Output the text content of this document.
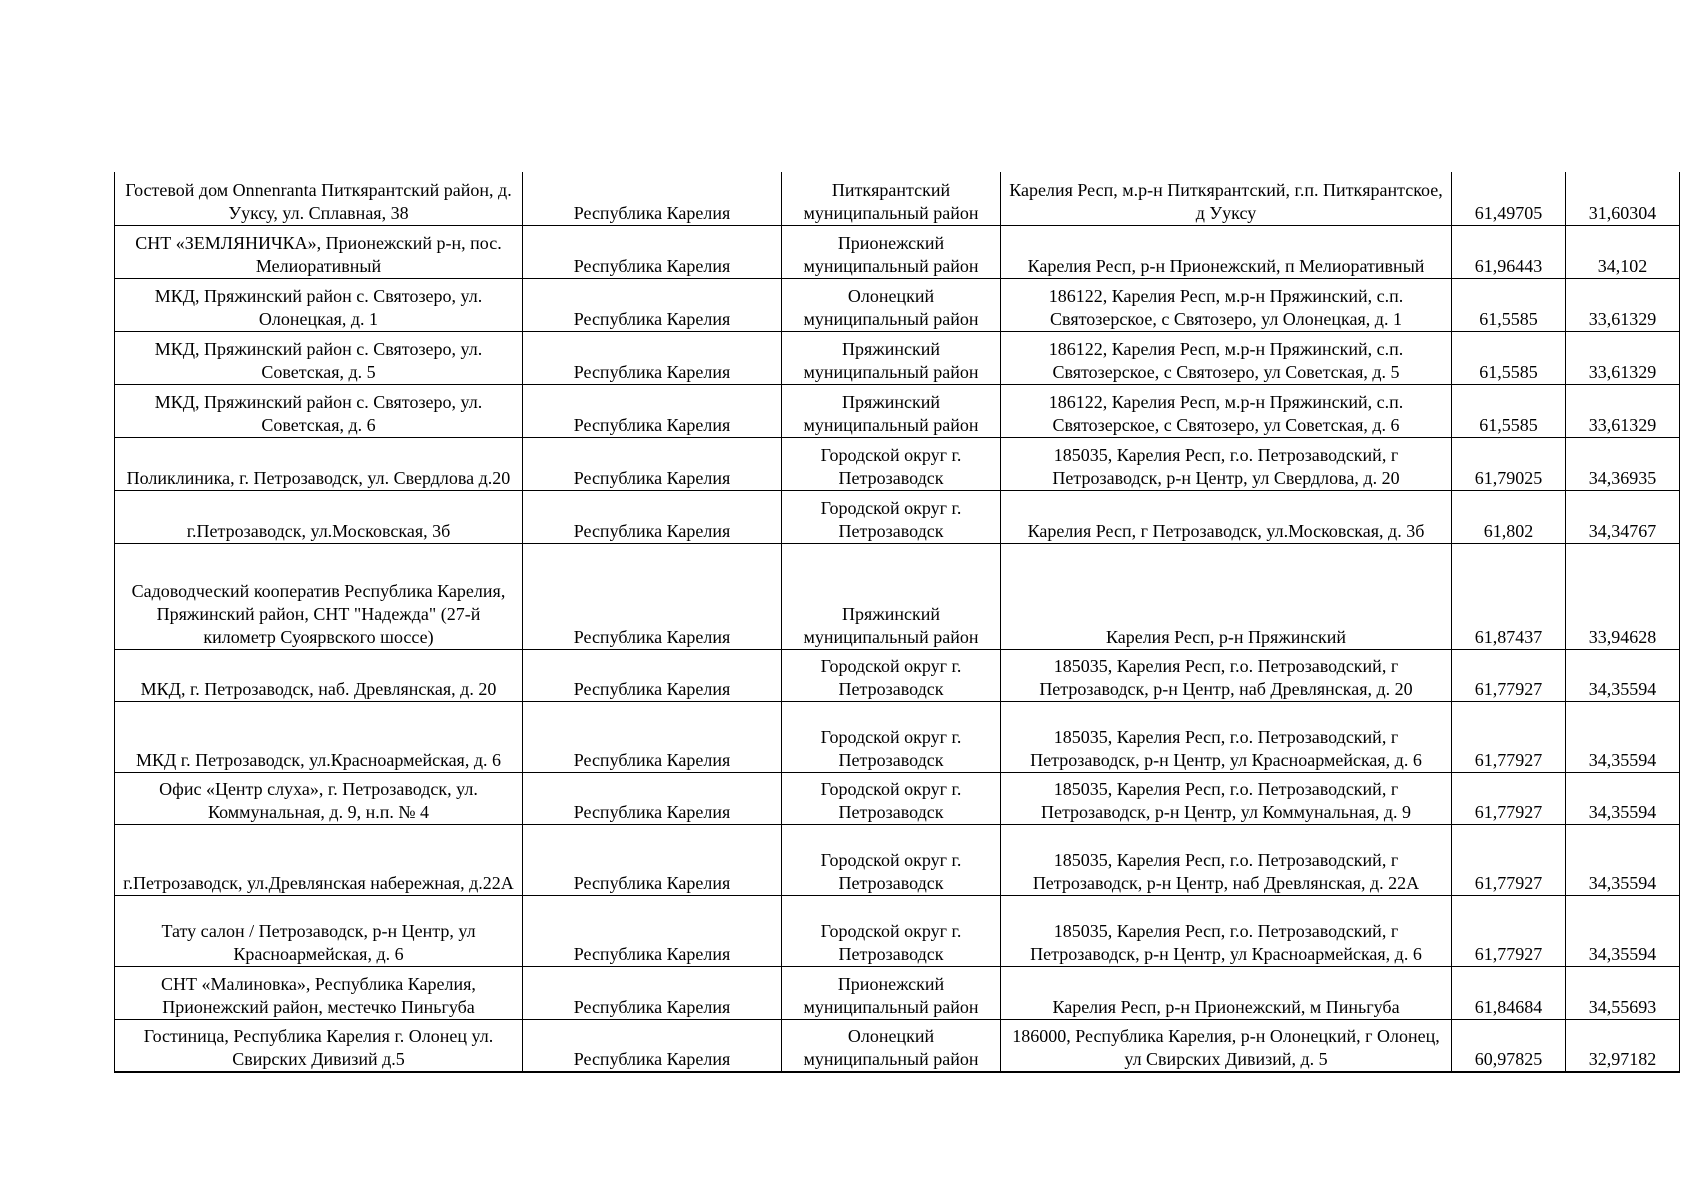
Гостевой дом Onnenranta Питкярантский район, д. Ууксу, ул. Сплавная, 38	Республика Карелия	Питкярантский муниципальный район	Карелия Респ, м.р-н Питкярантский, г.п. Питкярантское, д Ууксу	61,49705	31,60304
СНТ «ЗЕМЛЯНИЧКА», Прионежский р-н, пос. Мелиоративный	Республика Карелия	Прионежский муниципальный район	Карелия Респ, р-н Прионежский, п Мелиоративный	61,96443	34,102
МКД, Пряжинский район с. Святозеро, ул. Олонецкая, д. 1	Республика Карелия	Олонецкий муниципальный район	186122, Карелия Респ, м.р-н Пряжинский, с.п. Святозерское, с Святозеро, ул Олонецкая, д. 1	61,5585	33,61329
МКД, Пряжинский район с. Святозеро, ул. Советская, д. 5	Республика Карелия	Пряжинский муниципальный район	186122, Карелия Респ, м.р-н Пряжинский, с.п. Святозерское, с Святозеро, ул Советская, д. 5	61,5585	33,61329
МКД, Пряжинский район с. Святозеро, ул. Советская, д. 6	Республика Карелия	Пряжинский муниципальный район	186122, Карелия Респ, м.р-н Пряжинский, с.п. Святозерское, с Святозеро, ул Советская, д. 6	61,5585	33,61329
Поликлиника, г. Петрозаводск, ул. Свердлова д.20	Республика Карелия	Городской округ г. Петрозаводск	185035, Карелия Респ, г.о. Петрозаводский, г Петрозаводск, р-н Центр, ул Свердлова, д. 20	61,79025	34,36935
г.Петрозаводск, ул.Московская, 3б	Республика Карелия	Городской округ г. Петрозаводск	Карелия Респ, г Петрозаводск, ул.Московская, д. 3б	61,802	34,34767
Садоводческий кооператив Республика Карелия, Пряжинский район, СНТ "Надежда" (27-й километр Суоярвского шоссе)	Республика Карелия	Пряжинский муниципальный район	Карелия Респ, р-н Пряжинский	61,87437	33,94628
МКД, г. Петрозаводск, наб. Древлянская, д. 20	Республика Карелия	Городской округ г. Петрозаводск	185035, Карелия Респ, г.о. Петрозаводский, г Петрозаводск, р-н Центр, наб Древлянская, д. 20	61,77927	34,35594
МКД г. Петрозаводск, ул.Красноармейская, д. 6	Республика Карелия	Городской округ г. Петрозаводск	185035, Карелия Респ, г.о. Петрозаводский, г Петрозаводск, р-н Центр, ул Красноармейская, д. 6	61,77927	34,35594
Офис «Центр слуха», г. Петрозаводск, ул. Коммунальная, д. 9, н.п. № 4	Республика Карелия	Городской округ г. Петрозаводск	185035, Карелия Респ, г.о. Петрозаводский, г Петрозаводск, р-н Центр, ул Коммунальная, д. 9	61,77927	34,35594
г.Петрозаводск, ул.Древлянская набережная, д.22А	Республика Карелия	Городской округ г. Петрозаводск	185035, Карелия Респ, г.о. Петрозаводский, г Петрозаводск, р-н Центр, наб Древлянская, д. 22А	61,77927	34,35594
Тату салон / Петрозаводск, р-н Центр, ул Красноармейская, д. 6	Республика Карелия	Городской округ г. Петрозаводск	185035, Карелия Респ, г.о. Петрозаводский, г Петрозаводск, р-н Центр, ул Красноармейская, д. 6	61,77927	34,35594
СНТ «Малиновка», Республика Карелия, Прионежский район, местечко Пиньгуба	Республика Карелия	Прионежский муниципальный район	Карелия Респ, р-н Прионежский, м Пиньгуба	61,84684	34,55693
Гостиница, Республика Карелия г. Олонец ул. Свирских Дивизий д.5	Республика Карелия	Олонецкий муниципальный район	186000, Республика Карелия, р-н Олонецкий, г Олонец, ул Свирских Дивизий, д. 5	60,97825	32,97182
